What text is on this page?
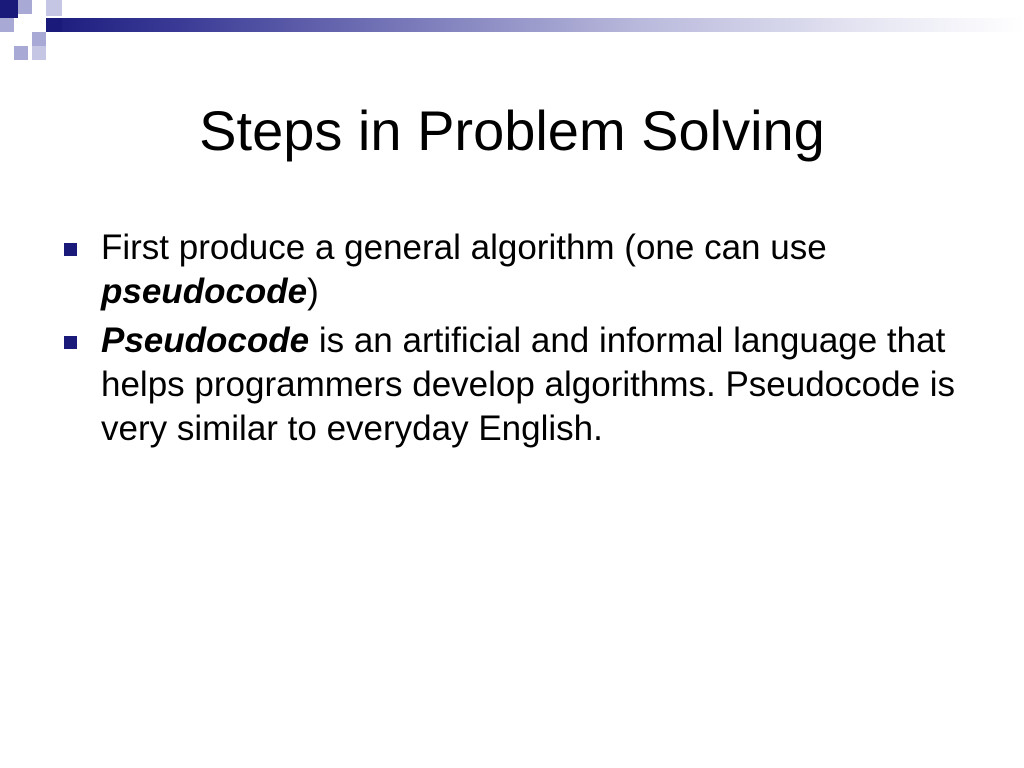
Steps in Problem Solving
First produce a general algorithm (one can use pseudocode)
Pseudocode is an artificial and informal language that helps programmers develop algorithms. Pseudocode is very similar to everyday English.
